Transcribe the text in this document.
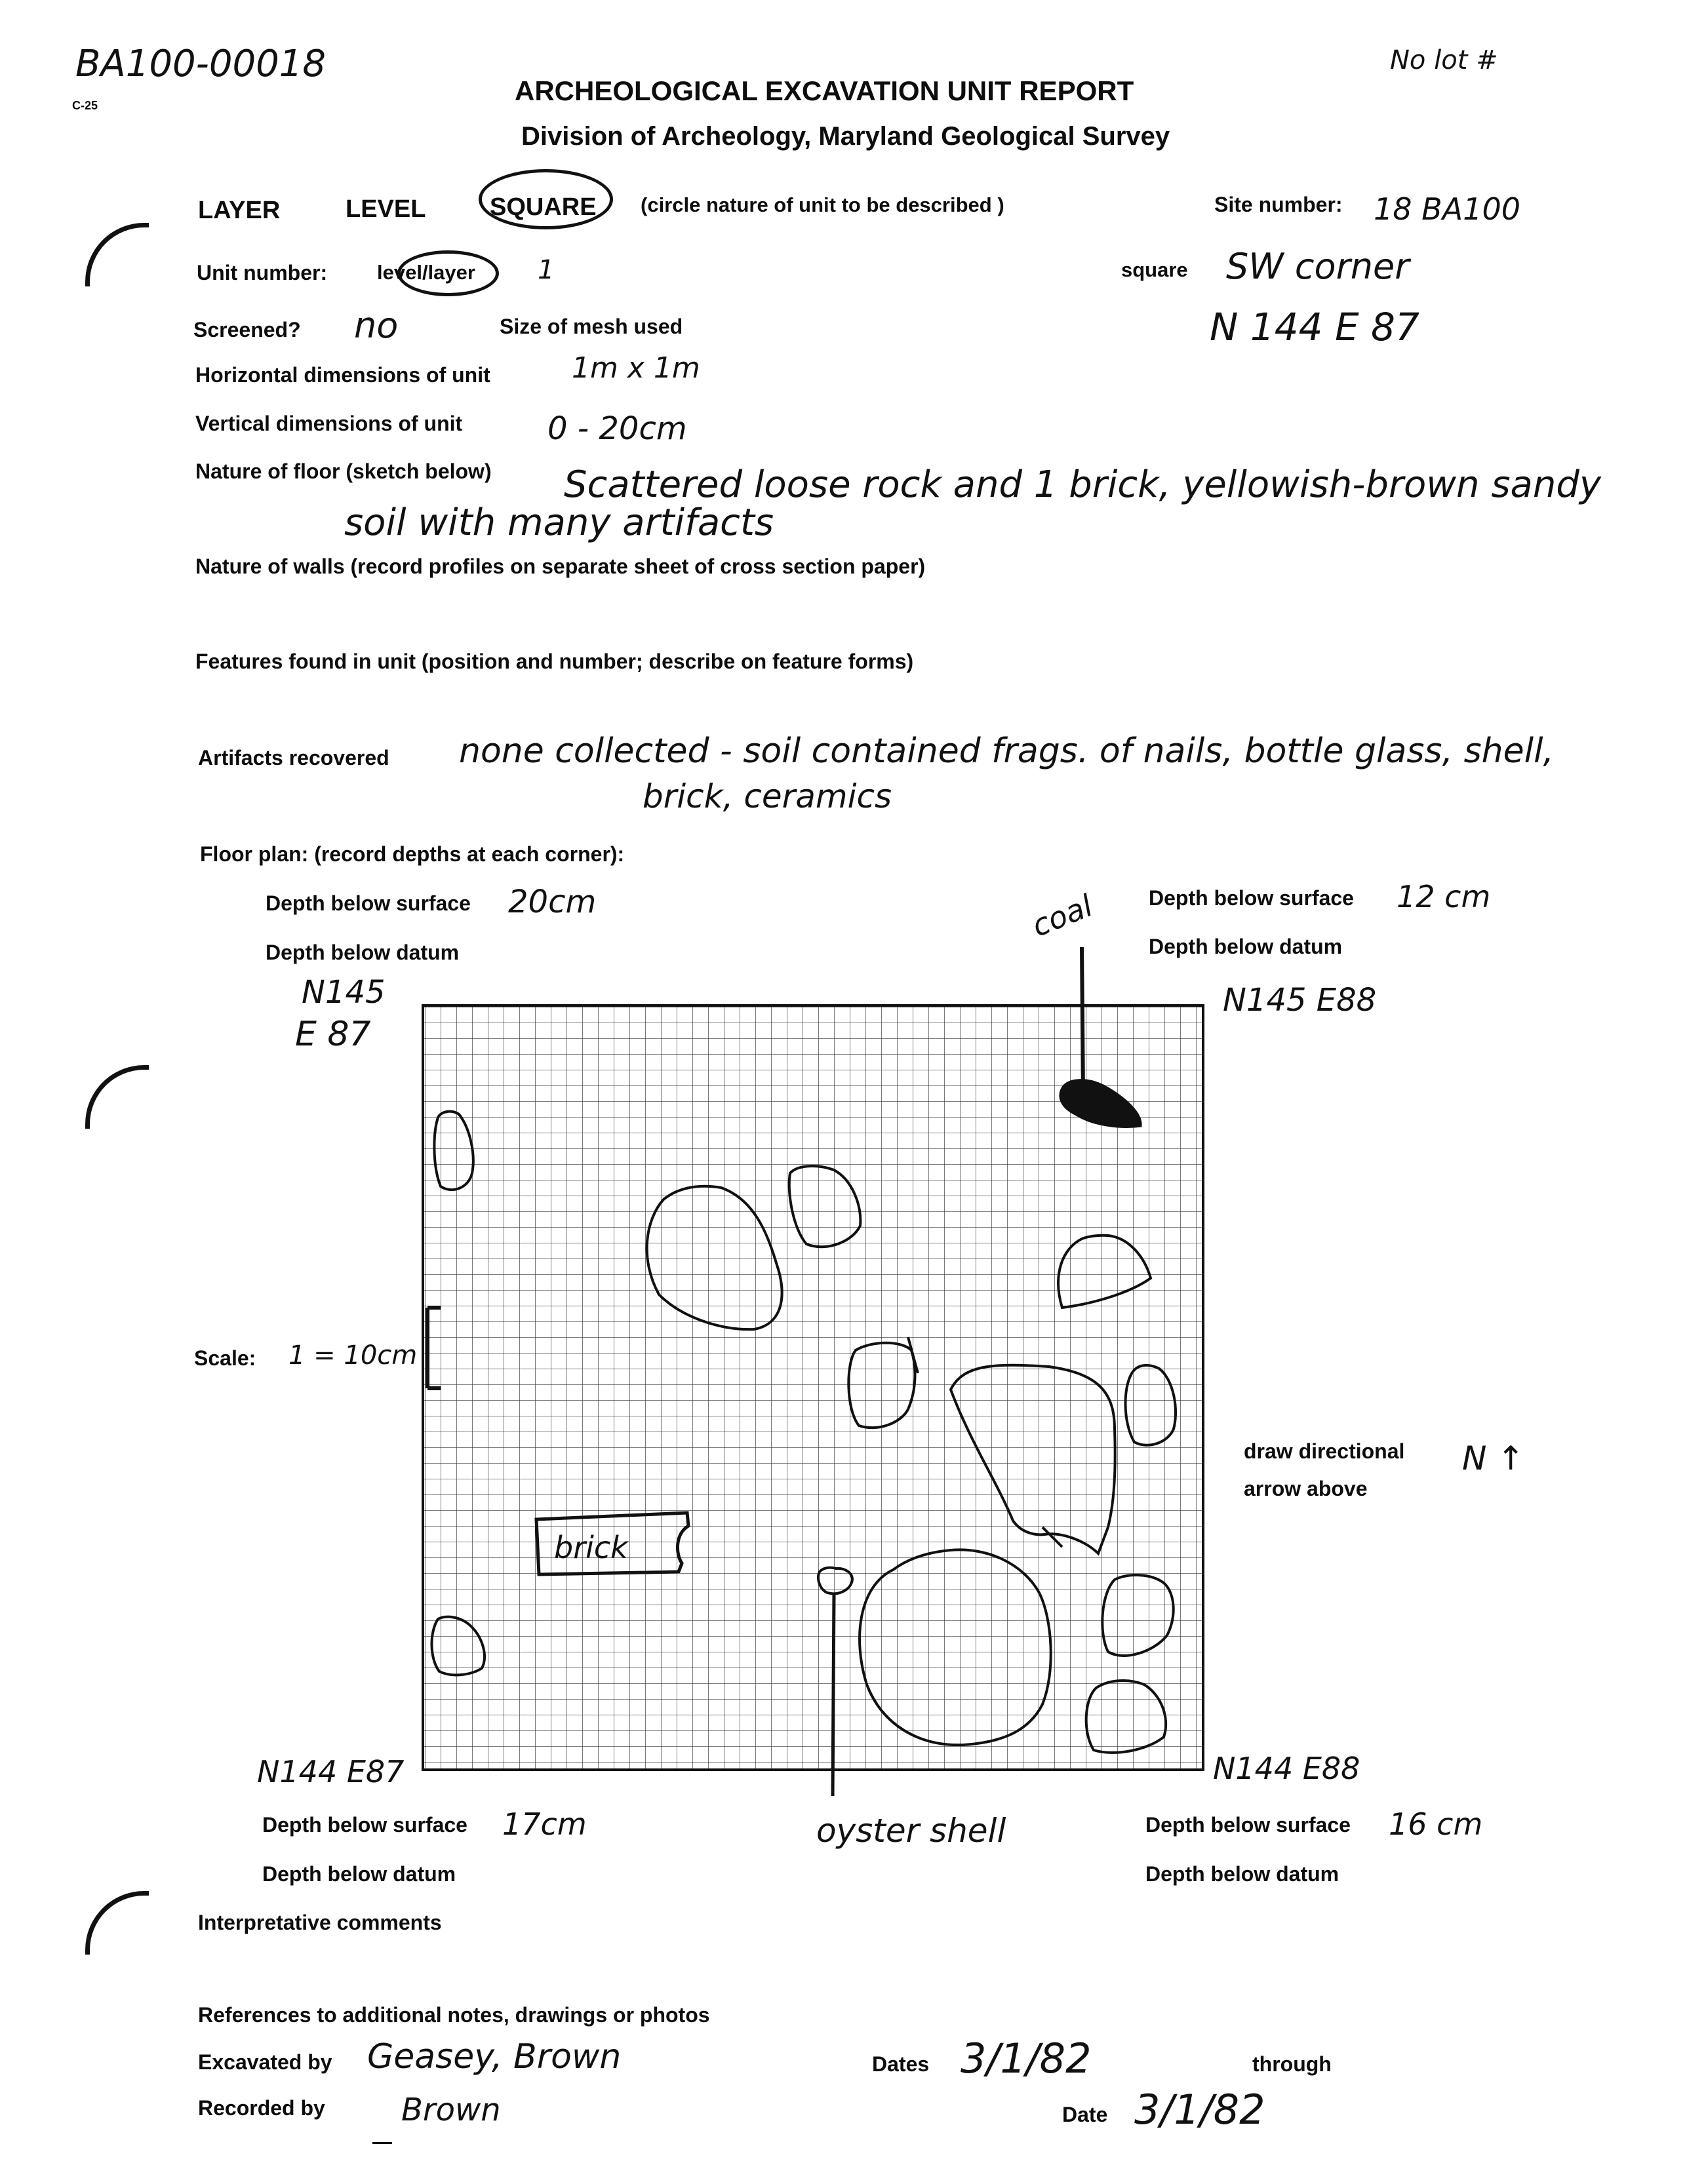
BA100-00018
C-25
No lot #
ARCHEOLOGICAL EXCAVATION UNIT REPORT
Division of Archeology, Maryland Geological Survey
LAYER	LEVEL	SQUARE (circle nature of unit to be described )	Site number: 18 BA100
Unit number: level/layer 1	square SW corner
N 144 E 87
Screened? no	Size of mesh used
Horizontal dimensions of unit	1m x 1m
Vertical dimensions of unit	0 - 20cm
Nature of floor (sketch below) Scattered loose rock and 1 brick, yellowish-brown sandy
soil with many artifacts
Nature of walls (record profiles on separate sheet of cross section paper)
Features found in unit (position and number; describe on feature forms)
Artifacts recovered none collected - soil contained frags. of nails, bottle glass, shell,
brick, ceramics
Floor plan: (record depths at each corner):
Depth below surface 20cm
Depth below datum
Depth below surface 12 cm
Depth below datum
N145
E 87
N145 E88
N144 E87	N144 E88
Scale: 1 = 10cm
draw directional
arrow above
N ↑
brick
coal
oyster shell
Depth below surface 17cm
Depth below datum
Depth below surface 16 cm
Depth below datum
Interpretative comments
References to additional notes, drawings or photos
Excavated by Geasey, Brown	Dates 3/1/82	through
Recorded by Brown	Date 3/1/82
